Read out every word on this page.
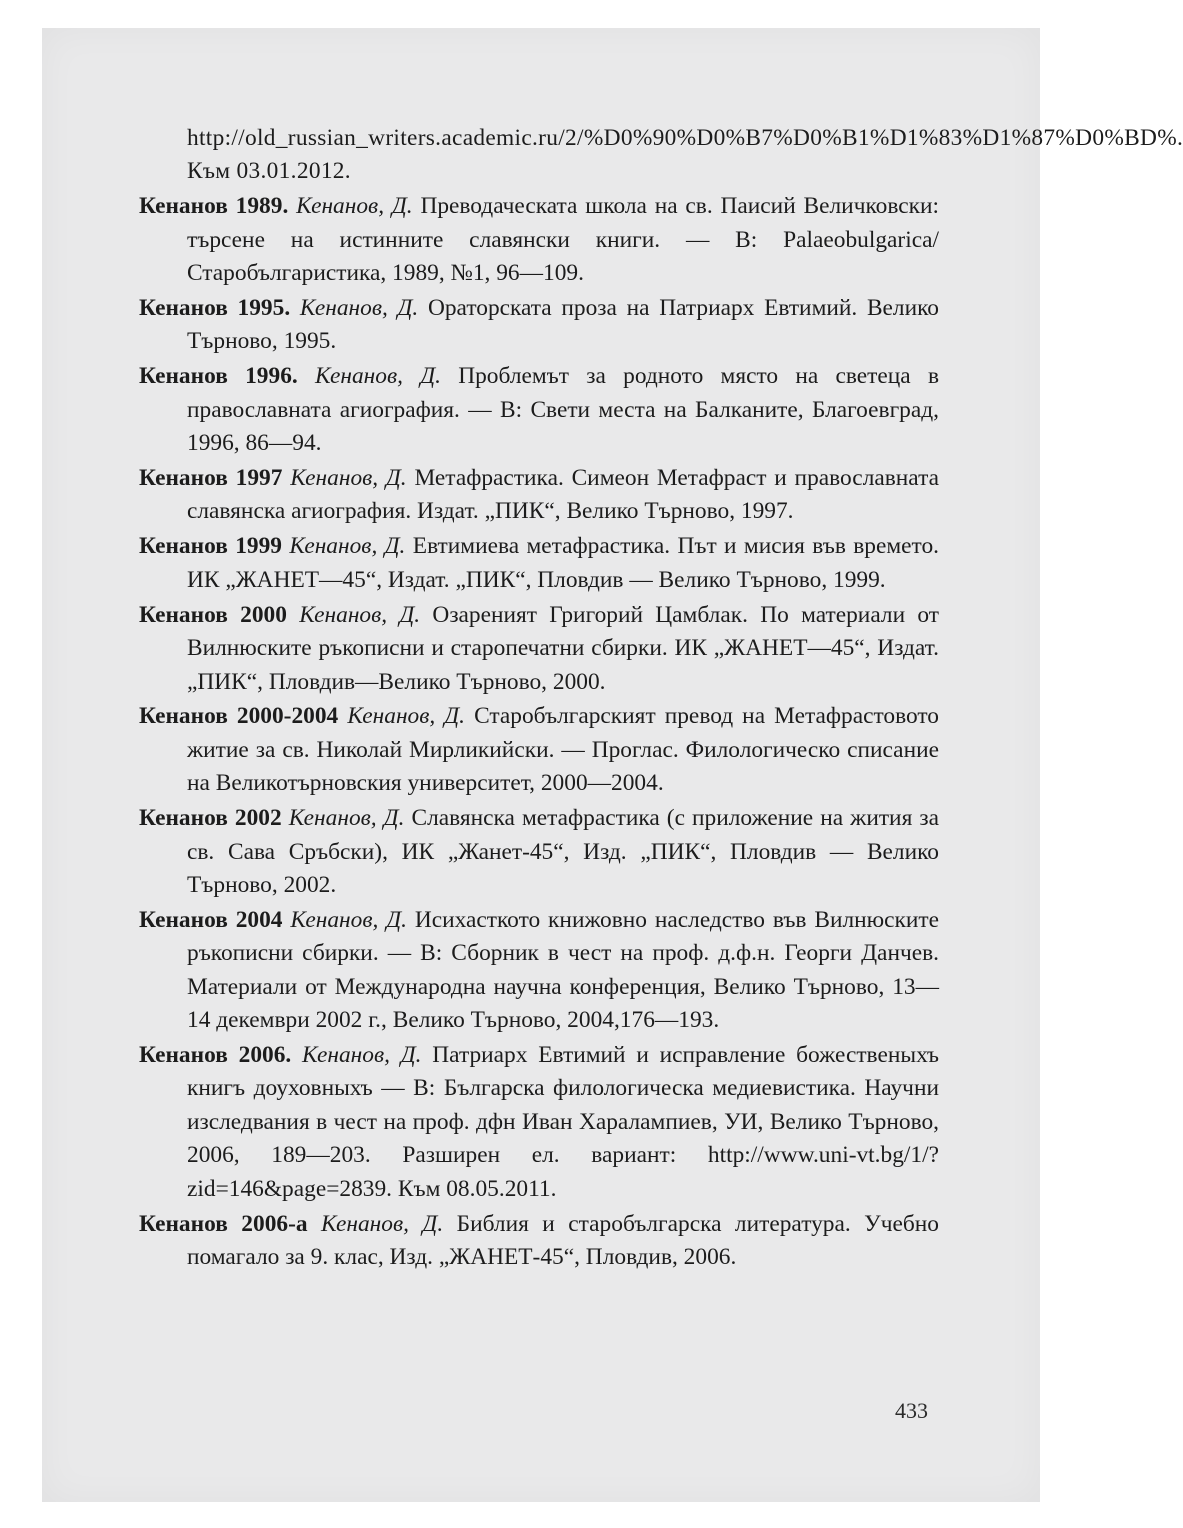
http://old_russian_writers.academic.ru/2/%D0%90%D0%B7%D0%B1%D1%83%D1%87%D0%BD%. Към 03.01.2012.

Кенанов 1989. Кенанов, Д. Преводаческата школа на св. Паисий Величковски: търсене на истинните славянски книги. — В: Palaeobulgarica/Старобългаристика, 1989, №1, 96—109.

Кенанов 1995. Кенанов, Д. Ораторската проза на Патриарх Евтимий. Велико Търново, 1995.

Кенанов 1996. Кенанов, Д. Проблемът за родното място на светеца в православната агиография. — В: Свети места на Балканите, Благоевград, 1996, 86—94.

Кенанов 1997 Кенанов, Д. Метафрастика. Симеон Метафраст и православната славянска агиография. Издат. „ПИК“, Велико Търново, 1997.

Кенанов 1999 Кенанов, Д. Евтимиева метафрастика. Път и мисия във времето. ИК „ЖАНЕТ—45“, Издат. „ПИК“, Пловдив — Велико Търново, 1999.

Кенанов 2000 Кенанов, Д. Озареният Григорий Цамблак. По материали от Вилнюските ръкописни и старопечатни сбирки. ИК „ЖАНЕТ—45“, Издат. „ПИК“, Пловдив—Велико Търново, 2000.

Кенанов 2000-2004 Кенанов, Д. Старобългарският превод на Метафрастовото житие за св. Николай Мирликийски. — Проглас. Филологическо списание на Великотърновския университет, 2000—2004.

Кенанов 2002 Кенанов, Д. Славянска метафрастика (с приложение на жития за св. Сава Сръбски), ИК „Жанет-45“, Изд. „ПИК“, Пловдив — Велико Търново, 2002.

Кенанов 2004 Кенанов, Д. Исихасткото книжовно наследство във Вилнюските ръкописни сбирки. — В: Сборник в чест на проф. д.ф.н. Георги Данчев. Материали от Международна научна конференция, Велико Търново, 13—14 декември 2002 г., Велико Търново, 2004,176—193.

Кенанов 2006. Кенанов, Д. Патриарх Евтимий и исправление божественыхъ книгъ доуховныхъ — В: Българска филологическа медиевистика. Научни изследвания в чест на проф. дфн Иван Харалампиев, УИ, Велико Търново, 2006, 189—203. Разширен ел. вариант: http://www.uni-vt.bg/1/?zid=146&page=2839. Към 08.05.2011.

Кенанов 2006-а Кенанов, Д. Библия и старобългарска литература. Учебно помагало за 9. клас, Изд. „ЖАНЕТ-45“, Пловдив, 2006.

433
